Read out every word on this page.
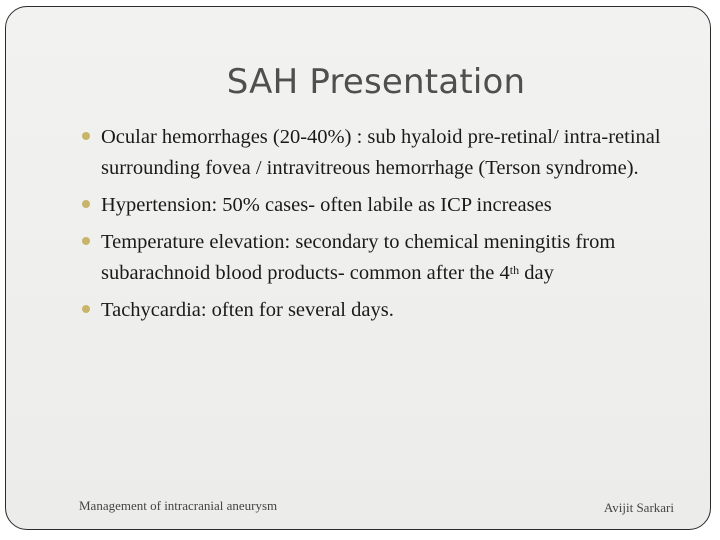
SAH Presentation
Ocular hemorrhages (20-40%) : sub hyaloid pre-retinal/ intra-retinal surrounding fovea / intravitreous hemorrhage (Terson syndrome).
Hypertension: 50% cases- often labile as ICP increases
Temperature elevation: secondary to chemical meningitis from subarachnoid blood products- common after the 4th day
Tachycardia: often for several days.
Management of intracranial aneurysm	Avijit Sarkari
